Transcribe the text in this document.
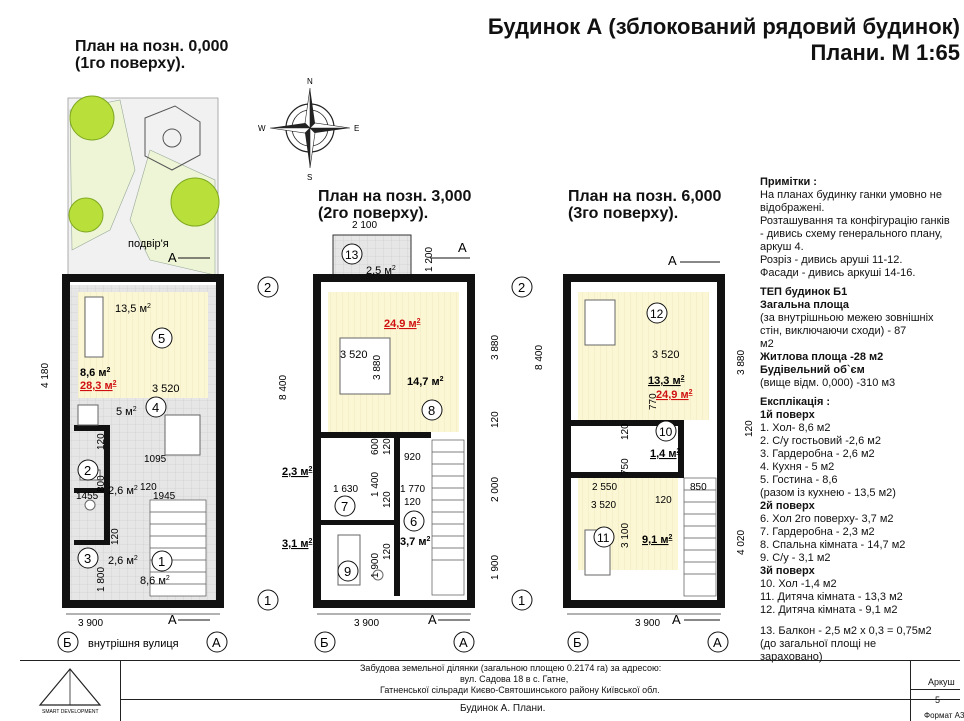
Будинок А (зблокований рядовий будинок)
Плани. М 1:65
План на позн. 0,000
(1го поверху).
План на позн. 3,000
(2го поверху).
План на позн. 6,000
(3го поверху).
подвір'я
N
S
E
W
13,5 $м^2$
5
8,6 $м^2$
28,3 $м^2$	3 520
5 $м^2$ 4
4 180
120
1095
2
800 2,6 $м^2$ 120
1455	1945
3
1 800
120
2,6 $м^2$ 1
8,6 $м^2$
3 900
А
А
Б внутрішня вулиця	А
2 100
13
2,5 $м^2$	1 200 А
2
24,9 $м^2$
3 520 3 880
14,7 $м^2$
8
3 880
8 400
120
2,3 $м^2$
600 120
920
1 630 1 400 1 770	2 000
7	120 120
6
3,1 $м^2$	3,7 $м^2$
1 900
120
9	1 900
1
3 900	А
Б	А
А
2
12
3 520	3 880
8 400
13,3 $м^2$
24,9 $м^2$
770
120 10	120
1,4 $м^2$
750
2 550	850
120
3 520
11 3 100 9,1 $м^2$	4 020
1
3 900 А
Б	А
Примітки :
На планах будинку ганки умовно не
відображені.
Розташування та конфігурацію ганків
- дивись схему генерального плану,
аркуш 4.
Розріз - дивись аруші 11-12.
Фасади - дивись аркуші 14-16.
ТЕП будинок Б1
Загальна площа
(за внутрішньою межею зовнішніх
стін, виключаючи сходи) - 87
м2
Житлова площа -28 м2
Будівельний об`єм
(вище відм. 0,000) -310 м3
Експлікація :
1й поверх
1. Хол- 8,6 м2
2. С/у гостьовий -2,6 м2
3. Гардеробна - 2,6 м2
4. Кухня - 5 м2
5. Гостина - 8,6
(разом із кухнею - 13,5 м2)
2й поверх
6. Хол 2го поверху- 3,7 м2
7. Гардеробна - 2,3 м2
8. Спальна кімната - 14,7 м2
9. С/у - 3,1 м2
3й поверх
10. Хол -1,4 м2
11. Дитяча кімната - 13,3 м2
12. Дитяча кімната - 9,1 м2
13. Балкон - 2,5 м2 х 0,3 = 0,75м2
(до загальної площі не
зараховано)
SMART DEVELOPMENT
Забудова земельної ділянки (загальною площею 0.2174 га) за адресою:
вул. Садова 18 в с. Гатне,
Гатненської сільради Києво-Святошинського району Київської обл.
Будинок А. Плани.
Аркуш
5
Формат А3
